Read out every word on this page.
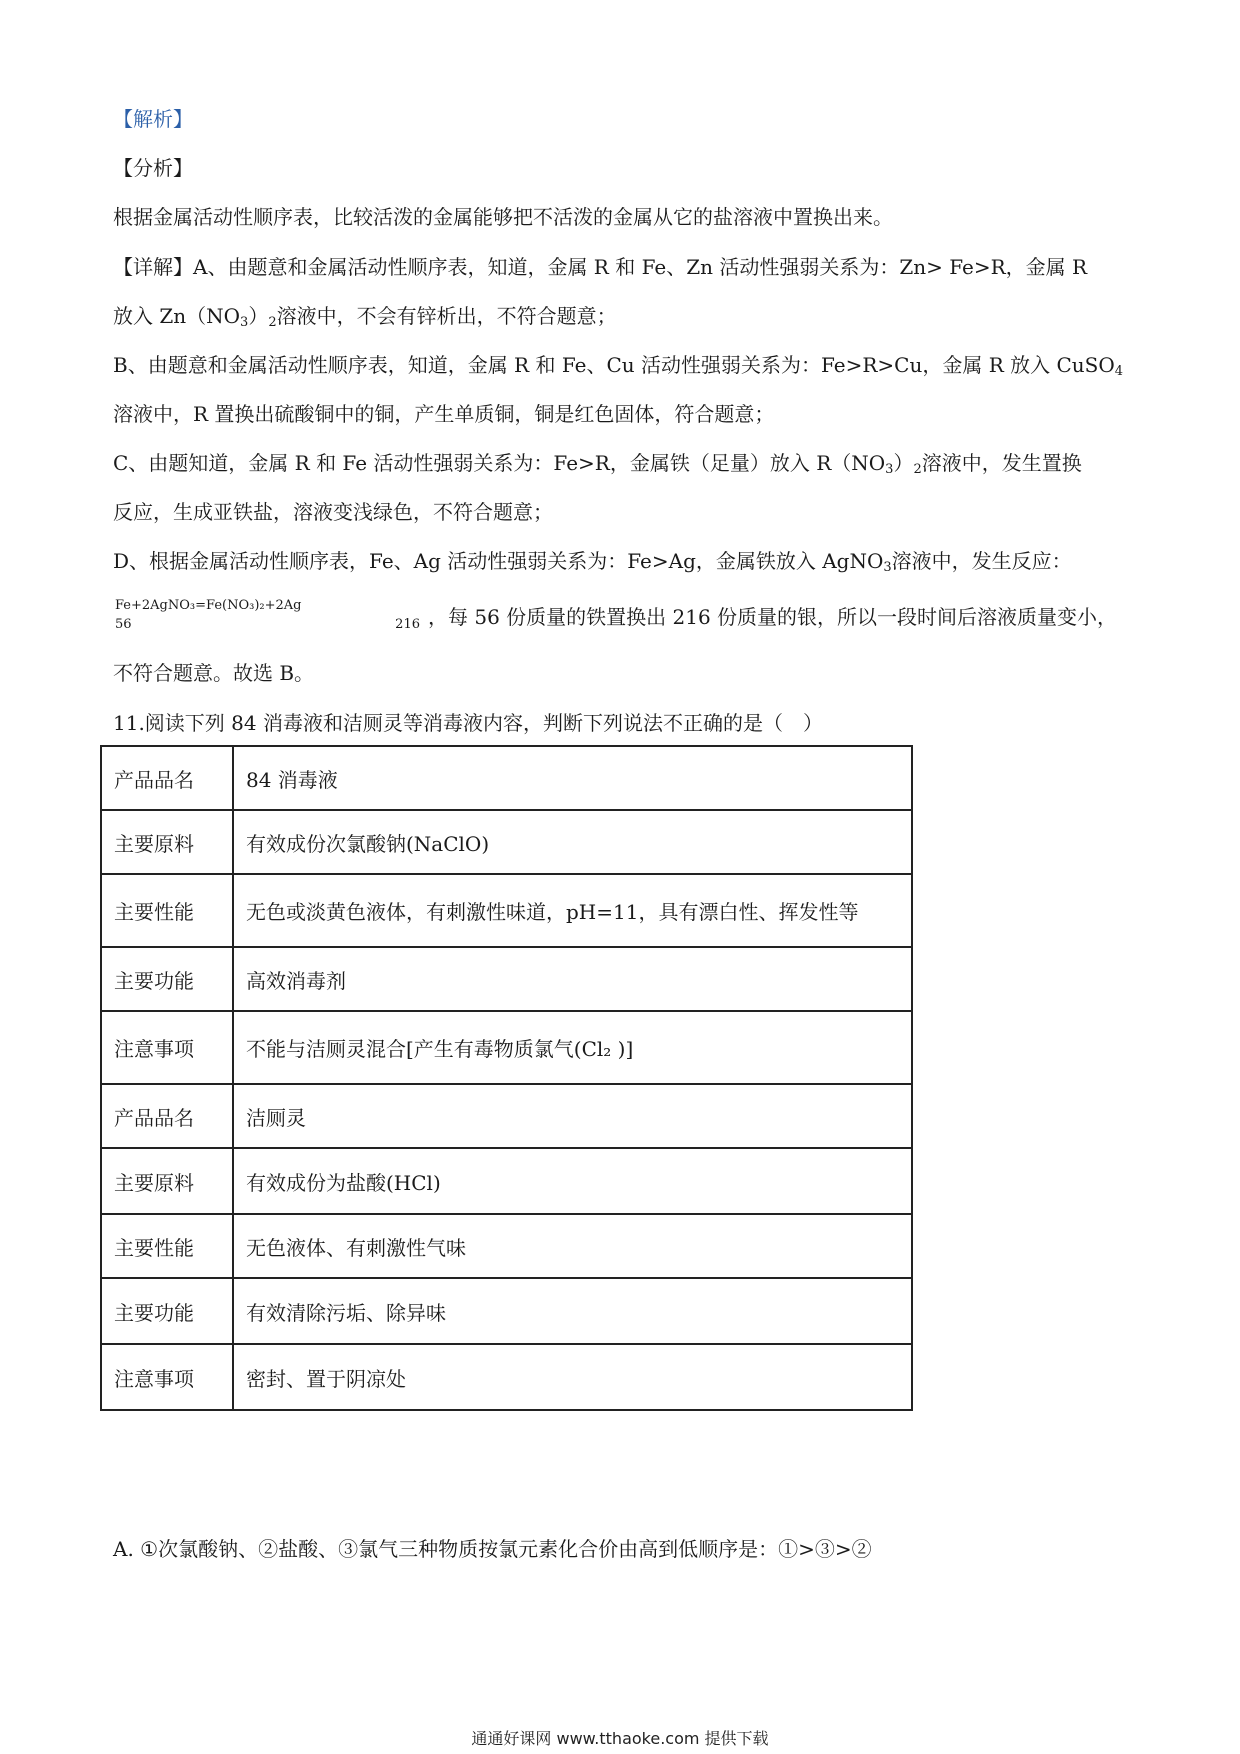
【解析】
【分析】
根据金属活动性顺序表，比较活泼的金属能够把不活泼的金属从它的盐溶液中置换出来。
【详解】A、由题意和金属活动性顺序表，知道，金属 R 和 Fe、Zn 活动性强弱关系为：Zn> Fe>R，金属 R
放入 $Zn(NO_3)_2$溶液中，不会有锌析出，不符合题意；
B、由题意和金属活动性顺序表，知道，金属 R 和 Fe、Cu 活动性强弱关系为：Fe>R>Cu，金属 R 放入 CuSO$_4$
溶液中，R 置换出硫酸铜中的铜，产生单质铜，铜是红色固体，符合题意；
C、由题知道，金属 R 和 Fe 活动性强弱关系为：Fe>R，金属铁（足量）放入 $R(NO_3)_2$溶液中，发生置换
反应，生成亚铁盐，溶液变浅绿色，不符合题意；
D、根据金属活动性顺序表，Fe、Ag 活动性强弱关系为：Fe>Ag，金属铁放入 AgNO$_3$溶液中，发生反应：
Fe+2AgNO₃=Fe(NO₃)₂+2Ag
56	216 ，每 56 份质量的铁置换出 216 份质量的银，所以一段时间后溶液质量变小，
不符合题意。故选 B。
11.阅读下列 84 消毒液和洁厕灵等消毒液内容，判断下列说法不正确的是（　）
产品品名	84 消毒液
主要原料	有效成份次氯酸钠(NaClO)
主要性能	无色或淡黄色液体，有刺激性味道，pH=11，具有漂白性、挥发性等
主要功能	高效消毒剂
注意事项	不能与洁厕灵混合[产生有毒物质氯气(Cl₂ )]
产品品名	洁厕灵
主要原料	有效成份为盐酸(HCl)
主要性能	无色液体、有刺激性气味
主要功能	有效清除污垢、除异味
注意事项	密封、置于阴凉处
A. ①次氯酸钠、②盐酸、③氯气三种物质按氯元素化合价由高到低顺序是：①>③>②
通通好课网 www.tthaoke.com 提供下载
